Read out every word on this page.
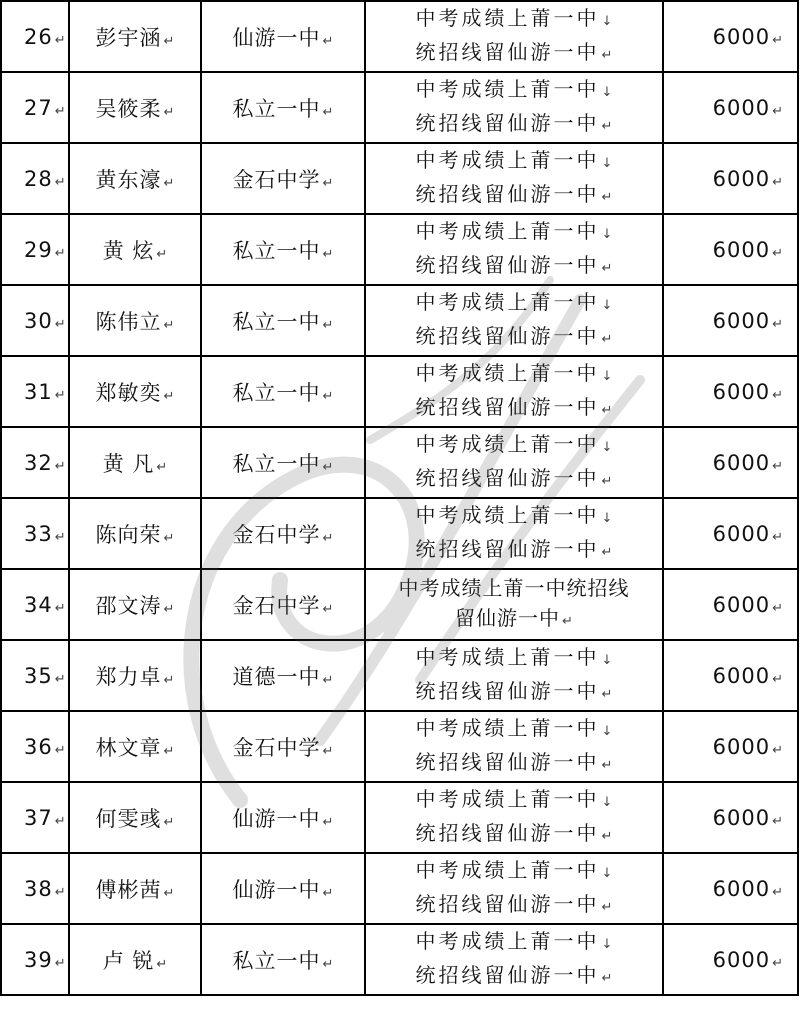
26 ↵	彭宇涵 ↵	仙游一中 ↵	中考成绩上莆一中 ↓
统招线留仙游一中 ↵	6000 ↵
27 ↵	吴筱柔 ↵	私立一中 ↵	中考成绩上莆一中 ↓
统招线留仙游一中 ↵	6000 ↵
28 ↵	黄东濠 ↵	金石中学 ↵	中考成绩上莆一中 ↓
统招线留仙游一中 ↵	6000 ↵
29 ↵	黄 炫 ↵	私立一中 ↵	中考成绩上莆一中 ↓
统招线留仙游一中 ↵	6000 ↵
30 ↵	陈伟立 ↵	私立一中 ↵	中考成绩上莆一中 ↓
统招线留仙游一中 ↵	6000 ↵
31 ↵	郑敏奕 ↵	私立一中 ↵	中考成绩上莆一中 ↓
统招线留仙游一中 ↵	6000 ↵
32 ↵	黄 凡 ↵	私立一中 ↵	中考成绩上莆一中 ↓
统招线留仙游一中 ↵	6000 ↵
33 ↵	陈向荣 ↵	金石中学 ↵	中考成绩上莆一中 ↓
统招线留仙游一中 ↵	6000 ↵
34 ↵	邵文涛 ↵	金石中学 ↵	中考成绩上莆一中统招线
留仙游一中 ↵	6000 ↵
35 ↵	郑力卓 ↵	道德一中 ↵	中考成绩上莆一中 ↓
统招线留仙游一中 ↵	6000 ↵
36 ↵	林文章 ↵	金石中学 ↵	中考成绩上莆一中 ↓
统招线留仙游一中 ↵	6000 ↵
37 ↵	何雯彧 ↵	仙游一中 ↵	中考成绩上莆一中 ↓
统招线留仙游一中 ↵	6000 ↵
38 ↵	傅彬茜 ↵	仙游一中 ↵	中考成绩上莆一中 ↓
统招线留仙游一中 ↵	6000 ↵
39 ↵	卢 锐 ↵	私立一中 ↵	中考成绩上莆一中 ↓
统招线留仙游一中 ↵	6000 ↵
